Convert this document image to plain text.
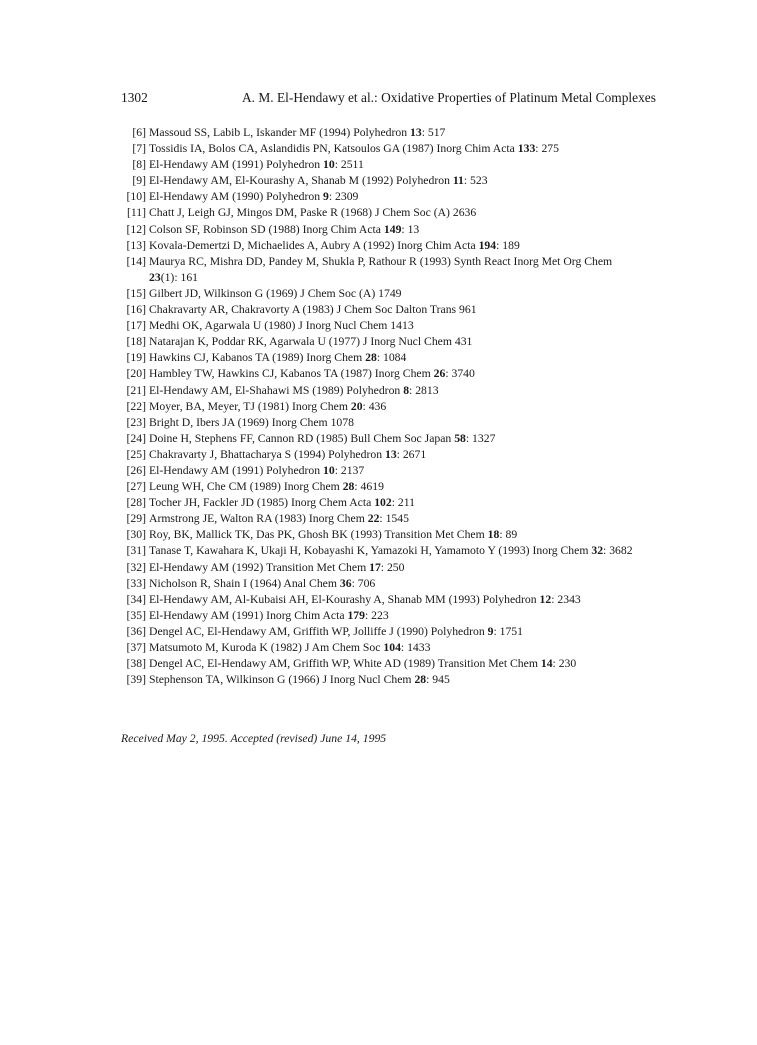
1302	A. M. El-Hendawy et al.: Oxidative Properties of Platinum Metal Complexes
[6] Massoud SS, Labib L, Iskander MF (1994) Polyhedron 13: 517
[7] Tossidis IA, Bolos CA, Aslandidis PN, Katsoulos GA (1987) Inorg Chim Acta 133: 275
[8] El-Hendawy AM (1991) Polyhedron 10: 2511
[9] El-Hendawy AM, El-Kourashy A, Shanab M (1992) Polyhedron 11: 523
[10] El-Hendawy AM (1990) Polyhedron 9: 2309
[11] Chatt J, Leigh GJ, Mingos DM, Paske R (1968) J Chem Soc (A) 2636
[12] Colson SF, Robinson SD (1988) Inorg Chim Acta 149: 13
[13] Kovala-Demertzi D, Michaelides A, Aubry A (1992) Inorg Chim Acta 194: 189
[14] Maurya RC, Mishra DD, Pandey M, Shukla P, Rathour R (1993) Synth React Inorg Met Org Chem 23(1): 161
[15] Gilbert JD, Wilkinson G (1969) J Chem Soc (A) 1749
[16] Chakravarty AR, Chakravorty A (1983) J Chem Soc Dalton Trans 961
[17] Medhi OK, Agarwala U (1980) J Inorg Nucl Chem 1413
[18] Natarajan K, Poddar RK, Agarwala U (1977) J Inorg Nucl Chem 431
[19] Hawkins CJ, Kabanos TA (1989) Inorg Chem 28: 1084
[20] Hambley TW, Hawkins CJ, Kabanos TA (1987) Inorg Chem 26: 3740
[21] El-Hendawy AM, El-Shahawi MS (1989) Polyhedron 8: 2813
[22] Moyer, BA, Meyer, TJ (1981) Inorg Chem 20: 436
[23] Bright D, Ibers JA (1969) Inorg Chem 1078
[24] Doine H, Stephens FF, Cannon RD (1985) Bull Chem Soc Japan 58: 1327
[25] Chakravarty J, Bhattacharya S (1994) Polyhedron 13: 2671
[26] El-Hendawy AM (1991) Polyhedron 10: 2137
[27] Leung WH, Che CM (1989) Inorg Chem 28: 4619
[28] Tocher JH, Fackler JD (1985) Inorg Chem Acta 102: 211
[29] Armstrong JE, Walton RA (1983) Inorg Chem 22: 1545
[30] Roy, BK, Mallick TK, Das PK, Ghosh BK (1993) Transition Met Chem 18: 89
[31] Tanase T, Kawahara K, Ukaji H, Kobayashi K, Yamazoki H, Yamamoto Y (1993) Inorg Chem 32: 3682
[32] El-Hendawy AM (1992) Transition Met Chem 17: 250
[33] Nicholson R, Shain I (1964) Anal Chem 36: 706
[34] El-Hendawy AM, Al-Kubaisi AH, El-Kourashy A, Shanab MM (1993) Polyhedron 12: 2343
[35] El-Hendawy AM (1991) Inorg Chim Acta 179: 223
[36] Dengel AC, El-Hendawy AM, Griffith WP, Jolliffe J (1990) Polyhedron 9: 1751
[37] Matsumoto M, Kuroda K (1982) J Am Chem Soc 104: 1433
[38] Dengel AC, El-Hendawy AM, Griffith WP, White AD (1989) Transition Met Chem 14: 230
[39] Stephenson TA, Wilkinson G (1966) J Inorg Nucl Chem 28: 945
Received May 2, 1995. Accepted (revised) June 14, 1995
